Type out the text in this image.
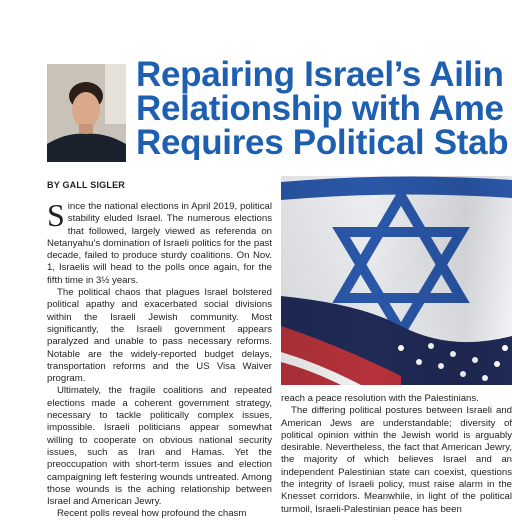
Repairing Israel’s Ailin
Relationship with Ame
Requires Political Stab
BY GALL SIGLER

Since the national elections in April 2019, political stability eluded Israel. The numerous elections that followed, largely viewed as referenda on Netanyahu’s domination of Israeli politics for the past decade, failed to produce sturdy coalitions. On Nov. 1, Israelis will head to the polls once again, for the fifth time in 3½ years.

The political chaos that plagues Israel bolstered political apathy and exacerbated social divisions within the Israeli Jewish community. Most significantly, the Israeli government appears paralyzed and unable to pass necessary reforms. Notable are the widely-reported budget delays, transportation reforms and the US Visa Waiver program.

Ultimately, the fragile coalitions and repeated elections made a coherent government strategy, necessary to tackle politically complex issues, impossible. Israeli politicians appear somewhat willing to cooperate on obvious national security issues, such as Iran and Hamas. Yet the preoccupation with short-term issues and election campaigning left festering wounds untreated. Among those wounds is the aching relationship between Israel and American Jewry.

Recent polls reveal how profound the chasm

reach a peace resolution with the Palestinians.

The differing political postures between Israeli and American Jews are understandable; diversity of political opinion within the Jewish world is arguably desirable. Nevertheless, the fact that American Jewry, the majority of which believes Israel and an independent Palestinian state can coexist, questions the integrity of Israeli policy, must raise alarm in the Knesset corridors. Meanwhile, in light of the political turmoil, Israeli-Palestinian peace has been
